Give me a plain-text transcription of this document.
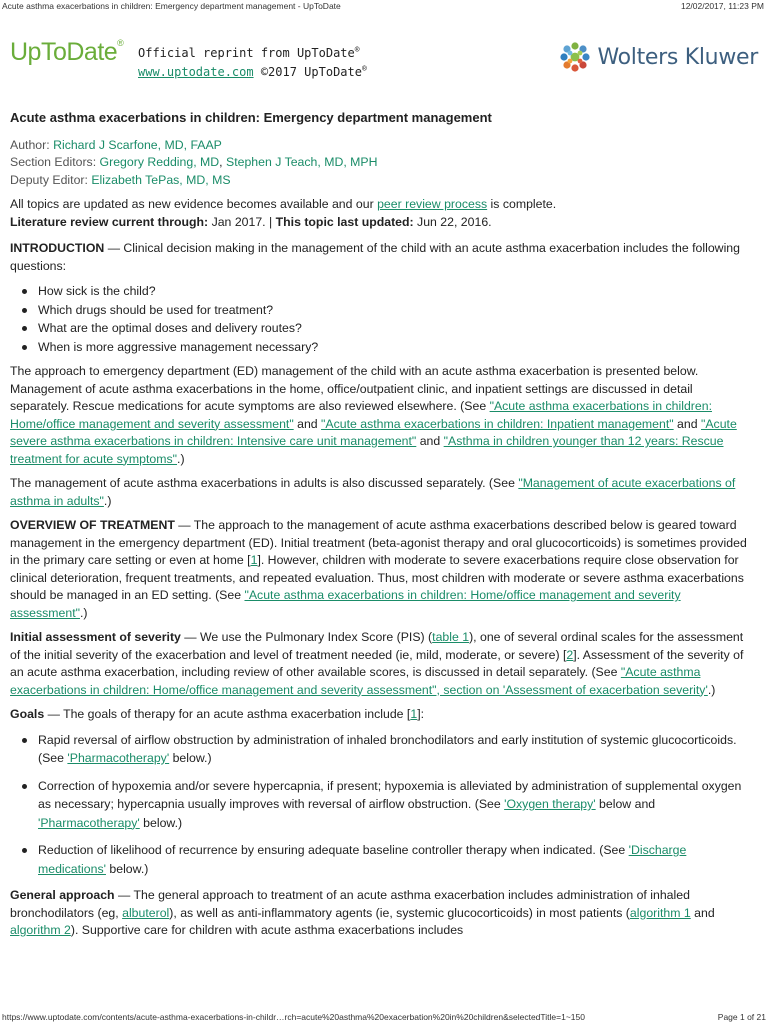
Acute asthma exacerbations in children: Emergency department management - UpToDate	12/02/2017, 11:23 PM
UpToDate®
Official reprint from UpToDate®
www.uptodate.com ©2017 UpToDate®	Wolters Kluwer
Acute asthma exacerbations in children: Emergency department management
Author: Richard J Scarfone, MD, FAAP
Section Editors: Gregory Redding, MD, Stephen J Teach, MD, MPH
Deputy Editor: Elizabeth TePas, MD, MS
All topics are updated as new evidence becomes available and our peer review process is complete.
Literature review current through: Jan 2017. | This topic last updated: Jun 22, 2016.

INTRODUCTION — Clinical decision making in the management of the child with an acute asthma exacerbation includes the following questions:

How sick is the child?
Which drugs should be used for treatment?
What are the optimal doses and delivery routes?
When is more aggressive management necessary?

The approach to emergency department (ED) management of the child with an acute asthma exacerbation is presented below. Management of acute asthma exacerbations in the home, office/outpatient clinic, and inpatient settings are discussed in detail separately. Rescue medications for acute symptoms are also reviewed elsewhere. (See "Acute asthma exacerbations in children: Home/office management and severity assessment" and "Acute asthma exacerbations in children: Inpatient management" and "Acute severe asthma exacerbations in children: Intensive care unit management" and "Asthma in children younger than 12 years: Rescue treatment for acute symptoms".)

The management of acute asthma exacerbations in adults is also discussed separately. (See "Management of acute exacerbations of asthma in adults".)

OVERVIEW OF TREATMENT — The approach to the management of acute asthma exacerbations described below is geared toward management in the emergency department (ED). Initial treatment (beta-agonist therapy and oral glucocorticoids) is sometimes provided in the primary care setting or even at home [1]. However, children with moderate to severe exacerbations require close observation for clinical deterioration, frequent treatments, and repeated evaluation. Thus, most children with moderate or severe asthma exacerbations should be managed in an ED setting. (See "Acute asthma exacerbations in children: Home/office management and severity assessment".)

Initial assessment of severity — We use the Pulmonary Index Score (PIS) (table 1), one of several ordinal scales for the assessment of the initial severity of the exacerbation and level of treatment needed (ie, mild, moderate, or severe) [2]. Assessment of the severity of an acute asthma exacerbation, including review of other available scores, is discussed in detail separately. (See "Acute asthma exacerbations in children: Home/office management and severity assessment", section on 'Assessment of exacerbation severity'.)

Goals — The goals of therapy for an acute asthma exacerbation include [1]:

Rapid reversal of airflow obstruction by administration of inhaled bronchodilators and early institution of systemic glucocorticoids. (See 'Pharmacotherapy' below.)
Correction of hypoxemia and/or severe hypercapnia, if present; hypoxemia is alleviated by administration of supplemental oxygen as necessary; hypercapnia usually improves with reversal of airflow obstruction. (See 'Oxygen therapy' below and 'Pharmacotherapy' below.)
Reduction of likelihood of recurrence by ensuring adequate baseline controller therapy when indicated. (See 'Discharge medications' below.)

General approach — The general approach to treatment of an acute asthma exacerbation includes administration of inhaled bronchodilators (eg, albuterol), as well as anti-inflammatory agents (ie, systemic glucocorticoids) in most patients (algorithm 1 and algorithm 2). Supportive care for children with acute asthma exacerbations includes

https://www.uptodate.com/contents/acute-asthma-exacerbations-in-childr…rch=acute%20asthma%20exacerbation%20in%20children&selectedTitle=1~150	Page 1 of 21
